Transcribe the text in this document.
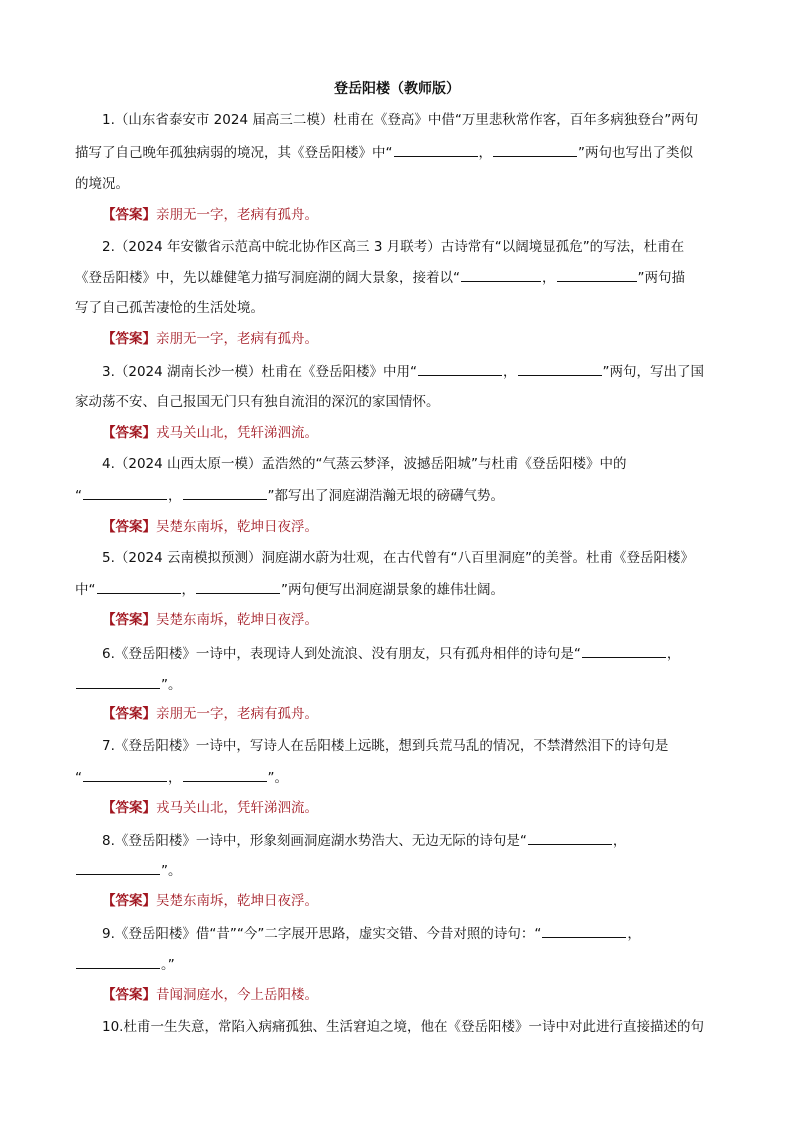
登岳阳楼（教师版）
1.（山东省泰安市 2024 届高三二模）杜甫在《登高》中借“万里悲秋常作客，百年多病独登台”两句
描写了自己晚年孤独病弱的境况，其《登岳阳楼》中“	，	”两句也写出了类似
的境况。
【答案】亲朋无一字，老病有孤舟。
2.（2024 年安徽省示范高中皖北协作区高三 3 月联考）古诗常有“以阔境显孤危”的写法，杜甫在
《登岳阳楼》中，先以雄健笔力描写洞庭湖的阔大景象，接着以“	，	”两句描
写了自己孤苦凄怆的生活处境。
【答案】亲朋无一字，老病有孤舟。
3.（2024 湖南长沙一模）杜甫在《登岳阳楼》中用“	，	”两句，写出了国
家动荡不安、自己报国无门只有独自流泪的深沉的家国情怀。
【答案】戎马关山北，凭轩涕泗流。
4.（2024 山西太原一模）孟浩然的“气蒸云梦泽，波撼岳阳城”与杜甫《登岳阳楼》中的
“	，	”都写出了洞庭湖浩瀚无垠的磅礴气势。
【答案】吴楚东南坼，乾坤日夜浮。
5.（2024 云南模拟预测）洞庭湖水蔚为壮观，在古代曾有“八百里洞庭”的美誉。杜甫《登岳阳楼》
中“	，	”两句便写出洞庭湖景象的雄伟壮阔。
【答案】吴楚东南坼，乾坤日夜浮。
6.《登岳阳楼》一诗中，表现诗人到处流浪、没有朋友，只有孤舟相伴的诗句是“	，
”。
【答案】亲朋无一字，老病有孤舟。
7.《登岳阳楼》一诗中，写诗人在岳阳楼上远眺，想到兵荒马乱的情况，不禁潸然泪下的诗句是
“	，	”。
【答案】戎马关山北，凭轩涕泗流。
8.《登岳阳楼》一诗中，形象刻画洞庭湖水势浩大、无边无际的诗句是“	，
”。
【答案】吴楚东南坼，乾坤日夜浮。
9.《登岳阳楼》借“昔”“今”二字展开思路，虚实交错、今昔对照的诗句：“	，
。”
【答案】昔闻洞庭水，今上岳阳楼。
10.杜甫一生失意，常陷入病痛孤独、生活窘迫之境，他在《登岳阳楼》一诗中对此进行直接描述的句
